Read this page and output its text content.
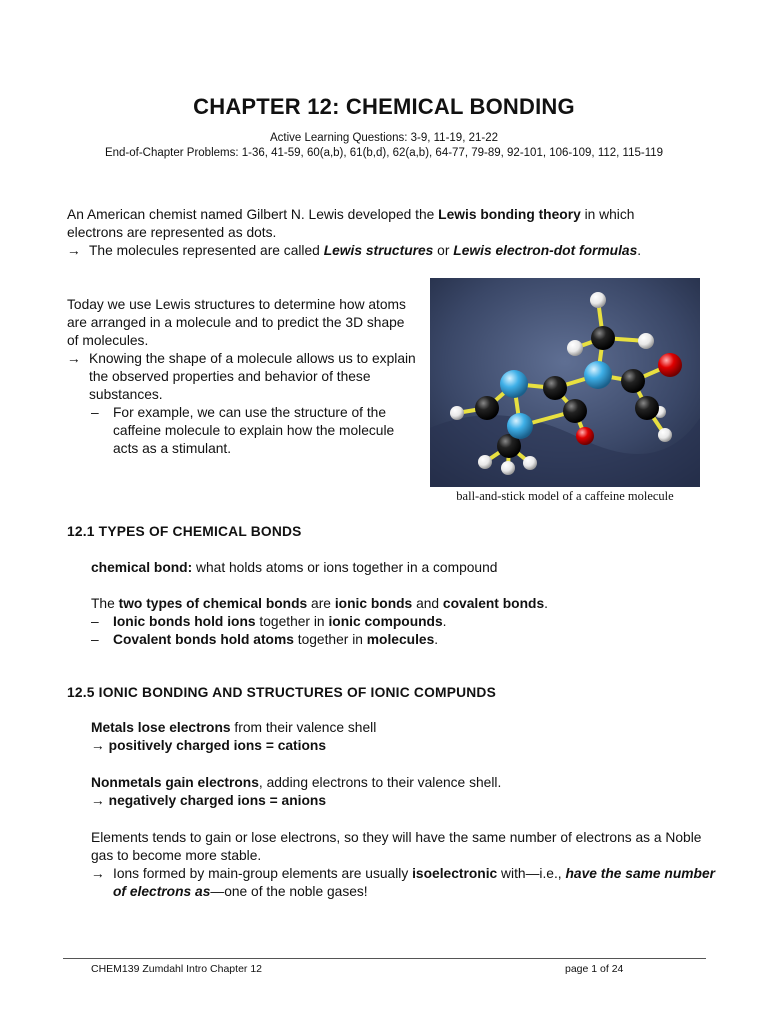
CHAPTER 12: CHEMICAL BONDING
Active Learning Questions: 3-9, 11-19, 21-22
End-of-Chapter Problems: 1-36, 41-59, 60(a,b), 61(b,d), 62(a,b), 64-77, 79-89, 92-101, 106-109, 112, 115-119

An American chemist named Gilbert N. Lewis developed the Lewis bonding theory in which

electrons are represented as dots.

→ The molecules represented are called Lewis structures or Lewis electron-dot formulas.

Today we use Lewis structures to determine how atoms are arranged in a molecule and to predict the 3D shape of molecules.

→ Knowing the shape of a molecule allows us to explain the observed properties and behavior of these substances.

– For example, we can use the structure of the caffeine molecule to explain how the molecule acts as a stimulant.

ball-and-stick model of a caffeine molecule
12.1 TYPES OF CHEMICAL BONDS

chemical bond: what holds atoms or ions together in a compound

The two types of chemical bonds are ionic bonds and covalent bonds.

– Ionic bonds hold ions together in ionic compounds.

– Covalent bonds hold atoms together in molecules.

12.5 IONIC BONDING AND STRUCTURES OF IONIC COMPUNDS

Metals lose electrons from their valence shell

→ positively charged ions = cations

Nonmetals gain electrons, adding electrons to their valence shell.

→ negatively charged ions = anions

Elements tends to gain or lose electrons, so they will have the same number of electrons as a Noble gas to become more stable.

→ Ions formed by main-group elements are usually isoelectronic with—i.e., have the same number of electrons as—one of the noble gases!

CHEM139 Zumdahl Intro Chapter 12	page 1 of 24
